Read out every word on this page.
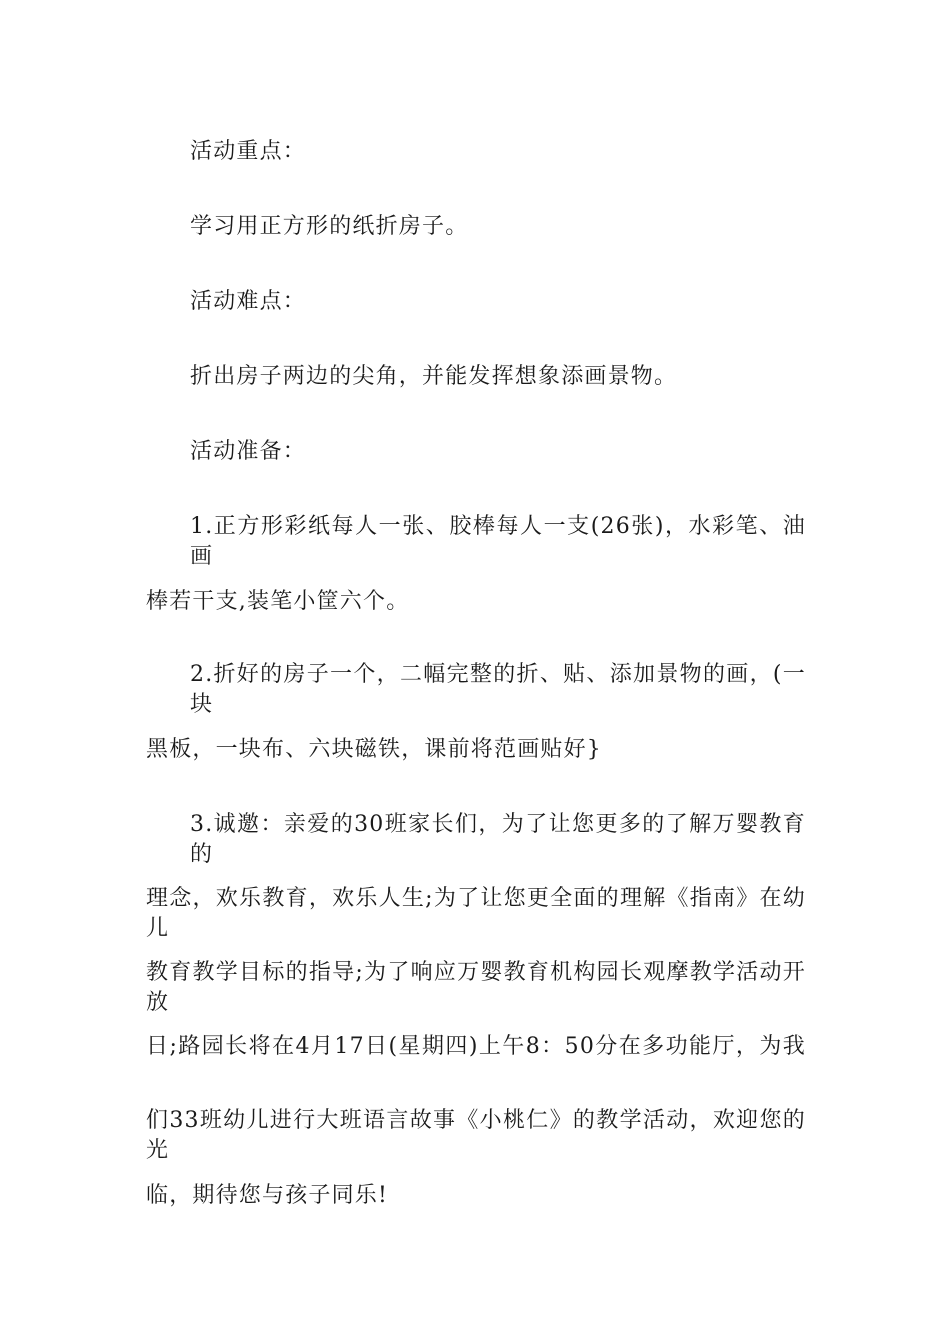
活动重点：
学习用正方形的纸折房子。
活动难点：
折出房子两边的尖角，并能发挥想象添画景物。
活动准备：
1.正方形彩纸每人一张、胶棒每人一支(26张)，水彩笔、油画
棒若干支,装笔小筐六个。
2.折好的房子一个，二幅完整的折、贴、添加景物的画，(一块
黑板，一块布、六块磁铁，课前将范画贴好}
3.诚邀：亲爱的30班家长们，为了让您更多的了解万婴教育的
理念，欢乐教育，欢乐人生;为了让您更全面的理解《指南》在幼儿
教育教学目标的指导;为了响应万婴教育机构园长观摩教学活动开放
日;路园长将在4月17日(星期四)上午8：50分在多功能厅，为我
们33班幼儿进行大班语言故事《小桃仁》的教学活动，欢迎您的光
临，期待您与孩子同乐!
